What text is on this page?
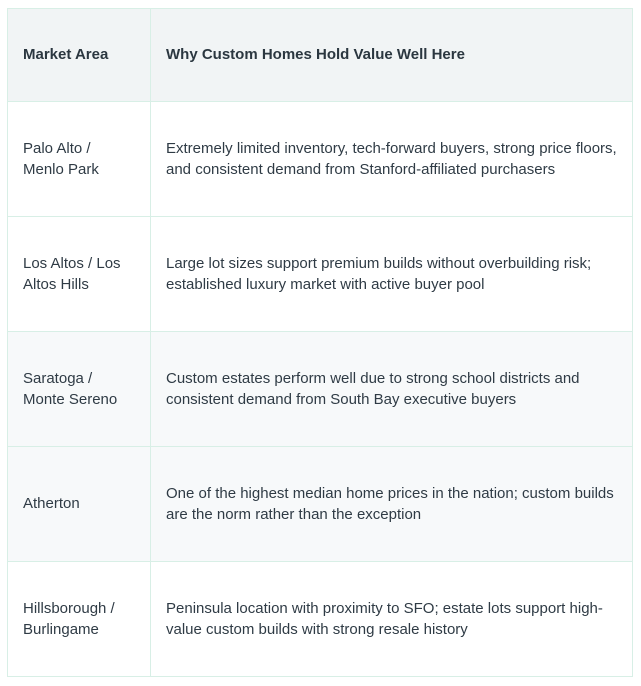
Market Area	Why Custom Homes Hold Value Well Here
Palo Alto / Menlo Park	Extremely limited inventory, tech-forward buyers, strong price floors, and consistent demand from Stanford-affiliated purchasers
Los Altos / Los Altos Hills	Large lot sizes support premium builds without overbuilding risk; established luxury market with active buyer pool
Saratoga / Monte Sereno	Custom estates perform well due to strong school districts and consistent demand from South Bay executive buyers
Atherton	One of the highest median home prices in the nation; custom builds are the norm rather than the exception
Hillsborough / Burlingame	Peninsula location with proximity to SFO; estate lots support high-value custom builds with strong resale history
